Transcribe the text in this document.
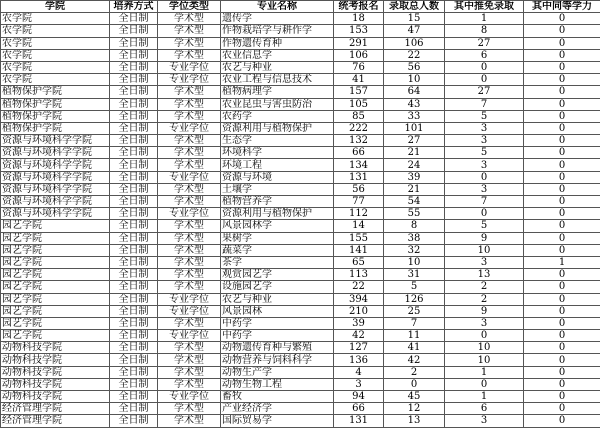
学院	培养方式	学位类型	专业名称	统考报名	录取总人数	其中推免录取	其中同等学力
农学院	全日制	学术型	遗传学	18	15	1	0
农学院	全日制	学术型	作物栽培学与耕作学	153	47	8	0
农学院	全日制	学术型	作物遗传育种	291	106	27	0
农学院	全日制	学术型	农业信息学	106	22	6	0
农学院	全日制	专业学位	农艺与种业	76	56	0	0
农学院	全日制	专业学位	农业工程与信息技术	41	10	0	0
植物保护学院	全日制	学术型	植物病理学	157	64	27	0
植物保护学院	全日制	学术型	农业昆虫与害虫防治	105	43	7	0
植物保护学院	全日制	学术型	农药学	85	33	5	0
植物保护学院	全日制	专业学位	资源利用与植物保护	222	101	3	0
资源与环境科学学院	全日制	学术型	生态学	132	27	3	0
资源与环境科学学院	全日制	学术型	环境科学	66	21	5	0
资源与环境科学学院	全日制	学术型	环境工程	134	24	3	0
资源与环境科学学院	全日制	专业学位	资源与环境	131	39	0	0
资源与环境科学学院	全日制	学术型	土壤学	56	21	3	0
资源与环境科学学院	全日制	学术型	植物营养学	77	54	7	0
资源与环境科学学院	全日制	专业学位	资源利用与植物保护	112	55	0	0
园艺学院	全日制	学术型	风景园林学	14	8	5	0
园艺学院	全日制	学术型	果树学	155	38	9	0
园艺学院	全日制	学术型	蔬菜学	141	32	10	0
园艺学院	全日制	学术型	茶学	65	10	3	1
园艺学院	全日制	学术型	观赏园艺学	113	31	13	0
园艺学院	全日制	学术型	设施园艺学	22	5	2	0
园艺学院	全日制	专业学位	农艺与种业	394	126	2	0
园艺学院	全日制	专业学位	风景园林	210	25	9	0
园艺学院	全日制	学术型	中药学	39	7	3	0
园艺学院	全日制	专业学位	中药学	42	11	0	0
动物科技学院	全日制	学术型	动物遗传育种与繁殖	127	41	10	0
动物科技学院	全日制	学术型	动物营养与饲料科学	136	42	10	0
动物科技学院	全日制	学术型	动物生产学	4	2	1	0
动物科技学院	全日制	学术型	动物生物工程	3	0	0	0
动物科技学院	全日制	专业学位	畜牧	94	45	1	0
经济管理学院	全日制	学术型	产业经济学	66	12	6	0
经济管理学院	全日制	学术型	国际贸易学	131	13	3	0
